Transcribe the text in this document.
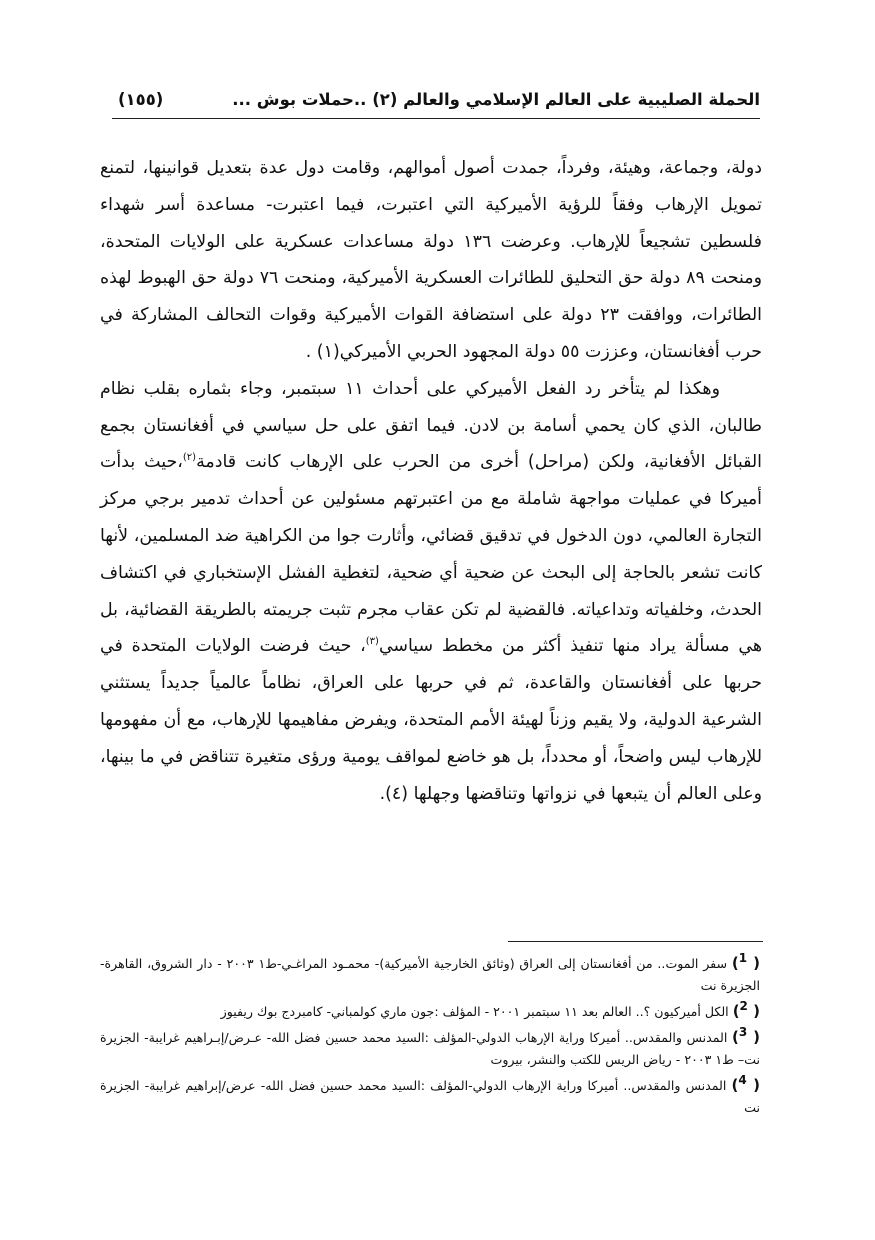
الحملة الصليبية على العالم الإسلامي والعالم (٢) ..حملات بوش ...
(١٥٥)

دولة، وجماعة، وهيئة، وفرداً، جمدت أصول أموالهم، وقامت دول عدة بتعديل قوانينها، لتمنع تمويل الإرهاب وفقاً للرؤية الأميركية التي اعتبرت، فيما اعتبرت- مساعدة أسر شهداء فلسطين تشجيعاً للإرهاب. وعرضت ١٣٦ دولة مساعدات عسكرية على الولايات المتحدة، ومنحت ٨٩ دولة حق التحليق للطائرات العسكرية الأميركية، ومنحت ٧٦ دولة حق الهبوط لهذه الطائرات، ووافقت ٢٣ دولة على استضافة القوات الأميركية وقوات التحالف المشاركة في حرب أفغانستان، وعززت ٥٥ دولة المجهود الحربي الأميركي(١) .

وهكذا لم يتأخر رد الفعل الأميركي على أحداث ١١ سبتمبر، وجاء بثماره بقلب نظام طالبان، الذي كان يحمي أسامة بن لادن. فيما اتفق على حل سياسي في أفغانستان بجمع القبائل الأفغانية، ولكن (مراحل) أخرى من الحرب على الإرهاب كانت قادمة$^{(٢)}$،حيث بدأت أميركا في عمليات مواجهة شاملة مع من اعتبرتهم مسئولين عن أحداث تدمير برجي مركز التجارة العالمي، دون الدخول في تدقيق قضائي، وأثارت جوا من الكراهية ضد المسلمين، لأنها كانت تشعر بالحاجة إلى البحث عن ضحية أي ضحية، لتغطية الفشل الإستخباري في اكتشاف الحدث، وخلفياته وتداعياته. فالقضية لم تكن عقاب مجرم تثبت جريمته بالطريقة القضائية، بل هي مسألة يراد منها تنفيذ أكثر من مخطط سياسي$^{(٣)}$، حيث فرضت الولايات المتحدة في حربها على أفغانستان والقاعدة، ثم في حربها على العراق، نظاماً عالمياً جديداً يستثني الشرعية الدولية، ولا يقيم وزناً لهيئة الأمم المتحدة، ويفرض مفاهيمها للإرهاب، مع أن مفهومها للإرهاب ليس واضحاً، أو محدداً، بل هو خاضع لمواقف يومية ورؤى متغيرة تتناقض في ما بينها، وعلى العالم أن يتبعها في نزواتها وتناقضها وجهلها (٤).

( $^1$) سفر الموت.. من أفغانستان إلى العراق (وثائق الخارجية الأميركية)- محمـود المراغـي-ط١ ٢٠٠٣ - دار الشروق، القاهرة- الجزيرة نت

( $^2$) الكل أميركيون ؟.. العالم بعد ١١ سبتمبر ٢٠٠١ - المؤلف :جون ماري كولمباني- كامبردج بوك ريفيوز

( $^3$) المدنس والمقدس.. أميركا وراية الإرهاب الدولي-المؤلف :السيد محمد حسين فضل الله- عـرض/إبـراهيم غرايبة- الجزيرة نت– ط١ ٢٠٠٣ - رياض الريس للكتب والنشر، بيروت

( $^4$) المدنس والمقدس.. أميركا وراية الإرهاب الدولي-المؤلف :السيد محمد حسين فضل الله- عرض/إبراهيم غرايبة- الجزيرة نت
